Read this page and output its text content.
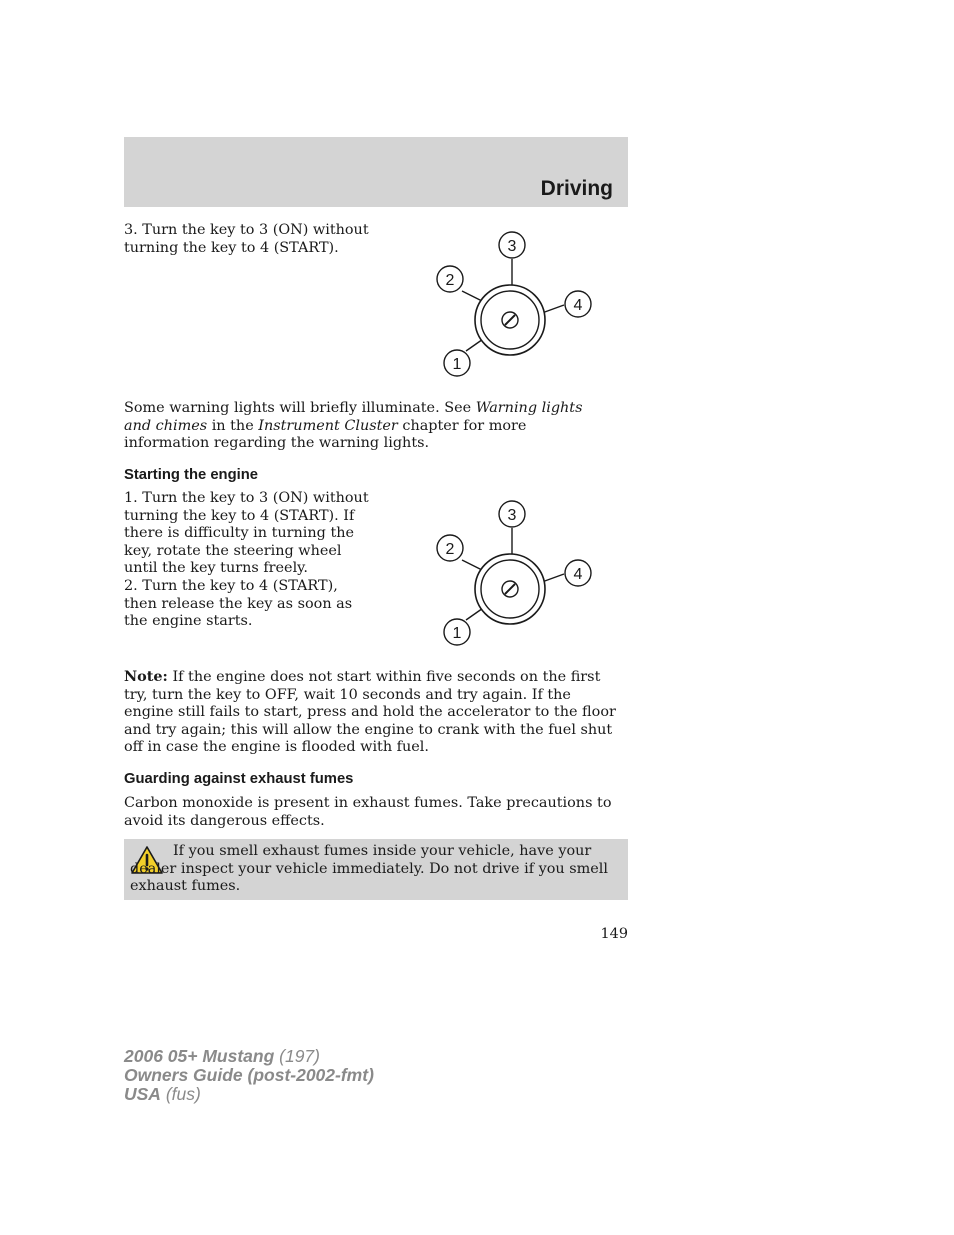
Driving

3. Turn the key to 3 (ON) without turning the key to 4 (START).	3
2
4
1

Some warning lights will briefly illuminate. See Warning lights and chimes in the Instrument Cluster chapter for more information regarding the warning lights.

Starting the engine

1. Turn the key to 3 (ON) without turning the key to 4 (START). If there is difficulty in turning the key, rotate the steering wheel until the key turns freely.

2. Turn the key to 4 (START), then release the key as soon as the engine starts.

3
2
4
1

Note: If the engine does not start within five seconds on the first try, turn the key to OFF, wait 10 seconds and try again. If the engine still fails to start, press and hold the accelerator to the floor and try again; this will allow the engine to crank with the fuel shut off in case the engine is flooded with fuel.

Guarding against exhaust fumes

Carbon monoxide is present in exhaust fumes. Take precautions to avoid its dangerous effects.

If you smell exhaust fumes inside your vehicle, have your dealer inspect your vehicle immediately. Do not drive if you smell exhaust fumes.

149
2006 05+ Mustang (197)
Owners Guide (post-2002-fmt)
USA (fus)
